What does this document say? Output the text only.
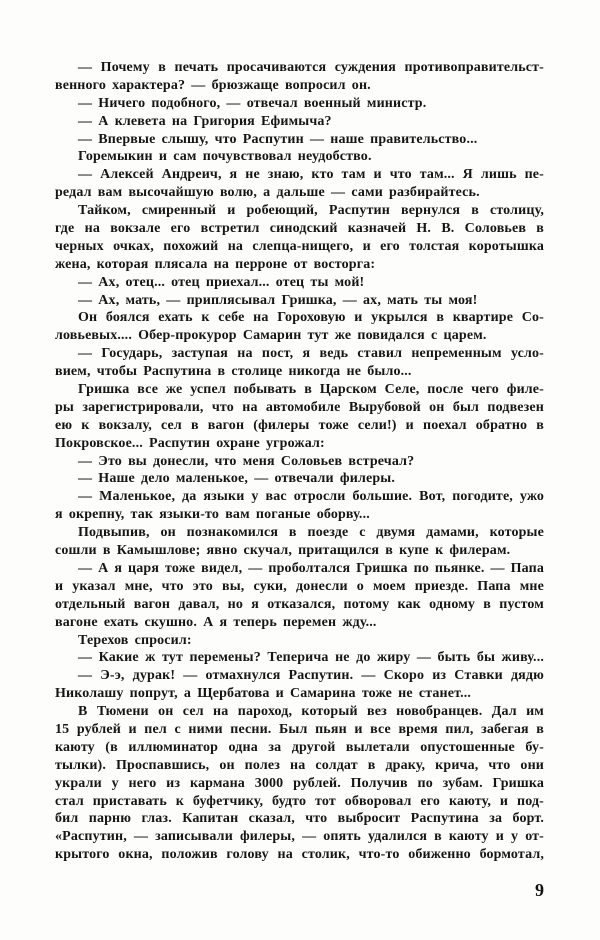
— Почему в печать просачиваются суждения противоправительст-
венного характера? — брюзжаще вопросил он.
— Ничего подобного, — отвечал военный министр.
— А клевета на Григория Ефимыча?
— Впервые слышу, что Распутин — наше правительство...
Горемыкин и сам почувствовал неудобство.
— Алексей Андреич, я не знаю, кто там и что там... Я лишь пе-
редал вам высочайшую волю, а дальше — сами разбирайтесь.
Тайком, смиренный и робеющий, Распутин вернулся в столицу,
где на вокзале его встретил синодский казначей Н. В. Соловьев в
черных очках, похожий на слепца-нищего, и его толстая коротышка
жена, которая плясала на перроне от восторга:
— Ах, отец... отец приехал... отец ты мой!
— Ах, мать, — приплясывал Гришка, — ах, мать ты моя!
Он боялся ехать к себе на Гороховую и укрылся в квартире Со-
ловьевых.... Обер-прокурор Самарин тут же повидался с царем.
— Государь, заступая на пост, я ведь ставил непременным усло-
вием, чтобы Распутина в столице никогда не было...
Гришка все же успел побывать в Царском Селе, после чего филе-
ры зарегистрировали, что на автомобиле Вырубовой он был подвезен
ею к вокзалу, сел в вагон (филеры тоже сели!) и поехал обратно в
Покровское... Распутин охране угрожал:
— Это вы донесли, что меня Соловьев встречал?
— Наше дело маленькое, — отвечали филеры.
— Маленькое, да языки у вас отросли большие. Вот, погодите, ужо
я окрепну, так языки-то вам поганые оборву...
Подвыпив, он познакомился в поезде с двумя дамами, которые
сошли в Камышлове; явно скучал, притащился в купе к филерам.
— А я царя тоже видел, — проболтался Гришка по пьянке. — Папа
и указал мне, что это вы, суки, донесли о моем приезде. Папа мне
отдельный вагон давал, но я отказался, потому как одному в пустом
вагоне ехать скушно. А я теперь перемен жду...
Терехов спросил:
— Какие ж тут перемены? Теперича не до жиру — быть бы живу...
— Э-э, дурак! — отмахнулся Распутин. — Скоро из Ставки дядю
Николашу попрут, а Щербатова и Самарина тоже не станет...
В Тюмени он сел на пароход, который вез новобранцев. Дал им
15 рублей и пел с ними песни. Был пьян и все время пил, забегая в
каюту (в иллюминатор одна за другой вылетали опустошенные бу-
тылки). Проспавшись, он полез на солдат в драку, крича, что они
украли у него из кармана 3000 рублей. Получив по зубам. Гришка
стал приставать к буфетчику, будто тот обворовал его каюту, и под-
бил парню глаз. Капитан сказал, что выбросит Распутина за борт.
«Распутин, — записывали филеры, — опять удалился в каюту и у от-
крытого окна, положив голову на столик, что-то обиженно бормотал,
9
